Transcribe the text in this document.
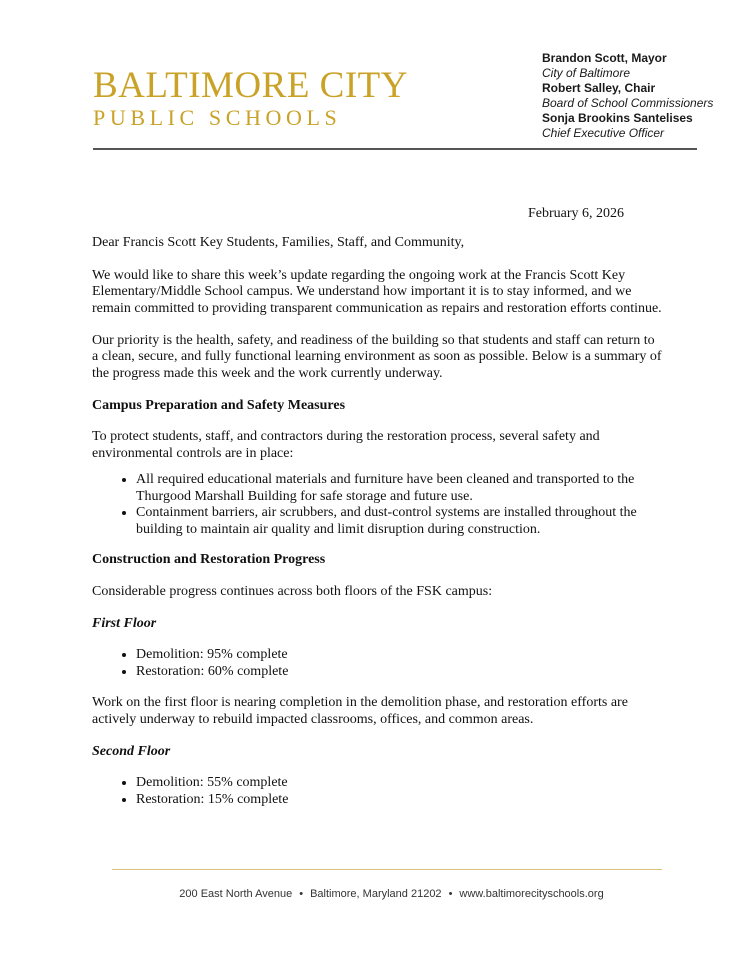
BALTIMORE CITY
PUBLIC SCHOOLS
Brandon Scott, Mayor
City of Baltimore
Robert Salley, Chair
Board of School Commissioners
Sonja Brookins Santelises
Chief Executive Officer
February 6, 2026

Dear Francis Scott Key Students, Families, Staff, and Community,

We would like to share this week’s update regarding the ongoing work at the Francis Scott Key Elementary/Middle School campus. We understand how important it is to stay informed, and we remain committed to providing transparent communication as repairs and restoration efforts continue.

Our priority is the health, safety, and readiness of the building so that students and staff can return to a clean, secure, and fully functional learning environment as soon as possible. Below is a summary of the progress made this week and the work currently underway.

Campus Preparation and Safety Measures

To protect students, staff, and contractors during the restoration process, several safety and environmental controls are in place:

• All required educational materials and furniture have been cleaned and transported to the Thurgood Marshall Building for safe storage and future use.
• Containment barriers, air scrubbers, and dust-control systems are installed throughout the building to maintain air quality and limit disruption during construction.

Construction and Restoration Progress

Considerable progress continues across both floors of the FSK campus:

First Floor

• Demolition: 95% complete
• Restoration: 60% complete

Work on the first floor is nearing completion in the demolition phase, and restoration efforts are actively underway to rebuild impacted classrooms, offices, and common areas.

Second Floor

• Demolition: 55% complete
• Restoration: 15% complete
200 East North Avenue • Baltimore, Maryland 21202 • www.baltimorecityschools.org
